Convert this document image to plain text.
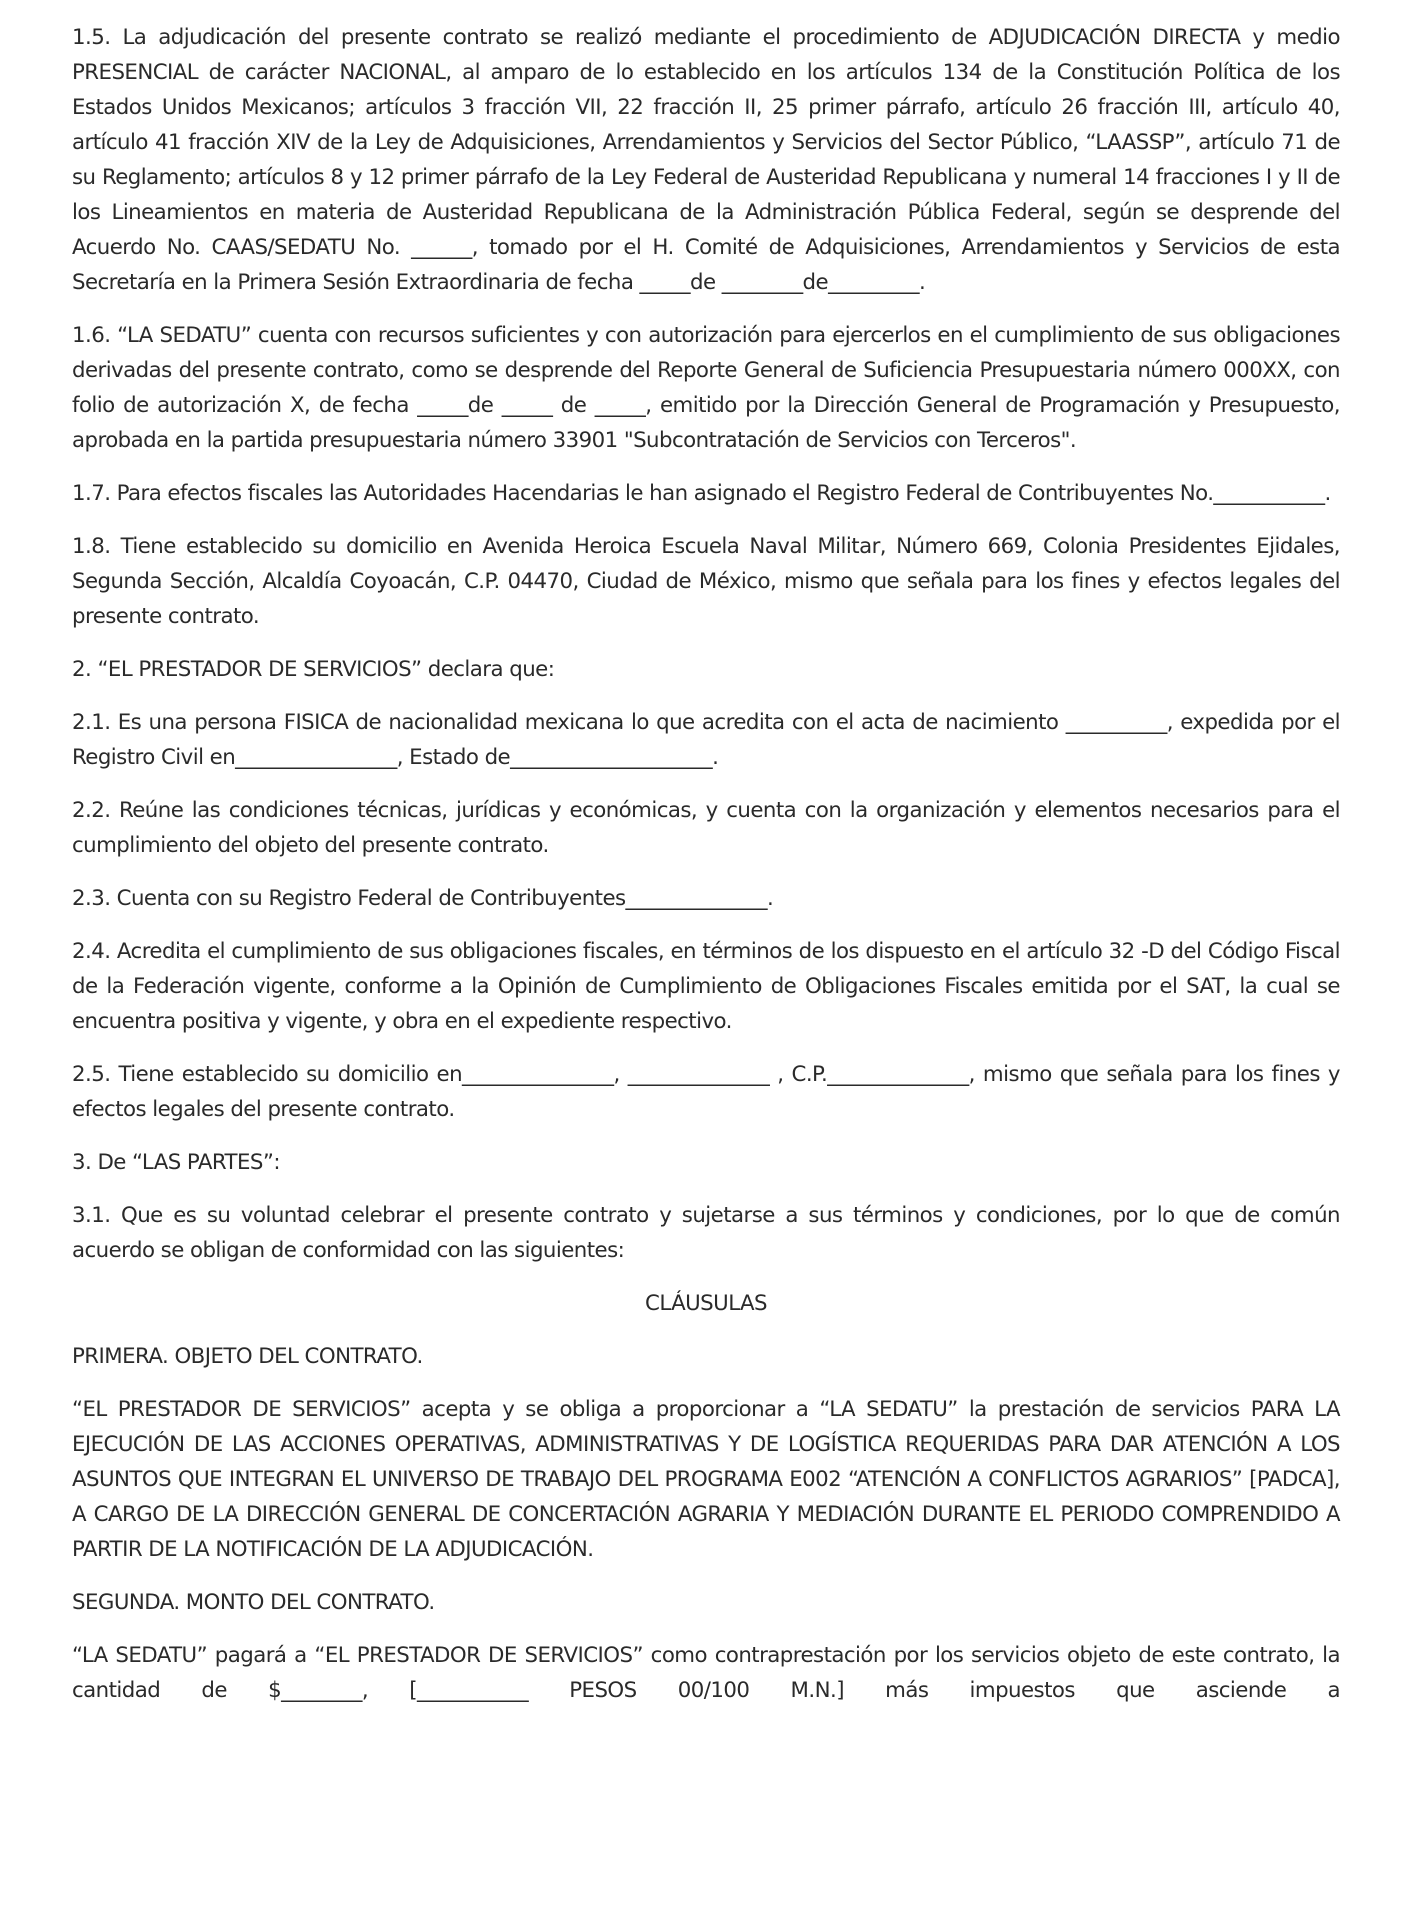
1.5. La adjudicación del presente contrato se realizó mediante el procedimiento de ADJUDICACIÓN DIRECTA y medio PRESENCIAL de carácter NACIONAL, al amparo de lo establecido en los artículos 134 de la Constitución Política de los Estados Unidos Mexicanos; artículos 3 fracción VII, 22 fracción II, 25 primer párrafo, artículo 26 fracción III, artículo 40, artículo 41 fracción XIV de la Ley de Adquisiciones, Arrendamientos y Servicios del Sector Público, “LAASSP”, artículo 71 de su Reglamento; artículos 8 y 12 primer párrafo de la Ley Federal de Austeridad Republicana y numeral 14 fracciones I y II de los Lineamientos en materia de Austeridad Republicana de la Administración Pública Federal, según se desprende del Acuerdo No. CAAS/SEDATU No. ______, tomado por el H. Comité de Adquisiciones, Arrendamientos y Servicios de esta Secretaría en la Primera Sesión Extraordinaria de fecha _____de ________de_________.

1.6. “LA SEDATU” cuenta con recursos suficientes y con autorización para ejercerlos en el cumplimiento de sus obligaciones derivadas del presente contrato, como se desprende del Reporte General de Suficiencia Presupuestaria número 000XX, con folio de autorización X, de fecha _____de _____ de _____, emitido por la Dirección General de Programación y Presupuesto, aprobada en la partida presupuestaria número 33901 "Subcontratación de Servicios con Terceros".

1.7. Para efectos fiscales las Autoridades Hacendarias le han asignado el Registro Federal de Contribuyentes No.___________.

1.8. Tiene establecido su domicilio en Avenida Heroica Escuela Naval Militar, Número 669, Colonia Presidentes Ejidales, Segunda Sección, Alcaldía Coyoacán, C.P. 04470, Ciudad de México, mismo que señala para los fines y efectos legales del presente contrato.

2. “EL PRESTADOR DE SERVICIOS” declara que:

2.1. Es una persona FISICA de nacionalidad mexicana lo que acredita con el acta de nacimiento __________, expedida por el Registro Civil en________________, Estado de____________________.

2.2. Reúne las condiciones técnicas, jurídicas y económicas, y cuenta con la organización y elementos necesarios para el cumplimiento del objeto del presente contrato.

2.3. Cuenta con su Registro Federal de Contribuyentes______________.

2.4. Acredita el cumplimiento de sus obligaciones fiscales, en términos de los dispuesto en el artículo 32 -D del Código Fiscal de la Federación vigente, conforme a la Opinión de Cumplimiento de Obligaciones Fiscales emitida por el SAT, la cual se encuentra positiva y vigente, y obra en el expediente respectivo.

2.5. Tiene establecido su domicilio en_______________, ______________ , C.P.______________, mismo que señala para los fines y efectos legales del presente contrato.

3. De “LAS PARTES”:

3.1. Que es su voluntad celebrar el presente contrato y sujetarse a sus términos y condiciones, por lo que de común acuerdo se obligan de conformidad con las siguientes:

CLÁUSULAS

PRIMERA. OBJETO DEL CONTRATO.

“EL PRESTADOR DE SERVICIOS” acepta y se obliga a proporcionar a “LA SEDATU” la prestación de servicios PARA LA EJECUCIÓN DE LAS ACCIONES OPERATIVAS, ADMINISTRATIVAS Y DE LOGÍSTICA REQUERIDAS PARA DAR ATENCIÓN A LOS ASUNTOS QUE INTEGRAN EL UNIVERSO DE TRABAJO DEL PROGRAMA E002 “ATENCIÓN A CONFLICTOS AGRARIOS” [PADCA], A CARGO DE LA DIRECCIÓN GENERAL DE CONCERTACIÓN AGRARIA Y MEDIACIÓN DURANTE EL PERIODO COMPRENDIDO A PARTIR DE LA NOTIFICACIÓN DE LA ADJUDICACIÓN.

SEGUNDA. MONTO DEL CONTRATO.

“LA SEDATU” pagará a “EL PRESTADOR DE SERVICIOS” como contraprestación por los servicios objeto de este contrato, la cantidad de $________, [___________ PESOS 00/100 M.N.] más impuestos que asciende a
